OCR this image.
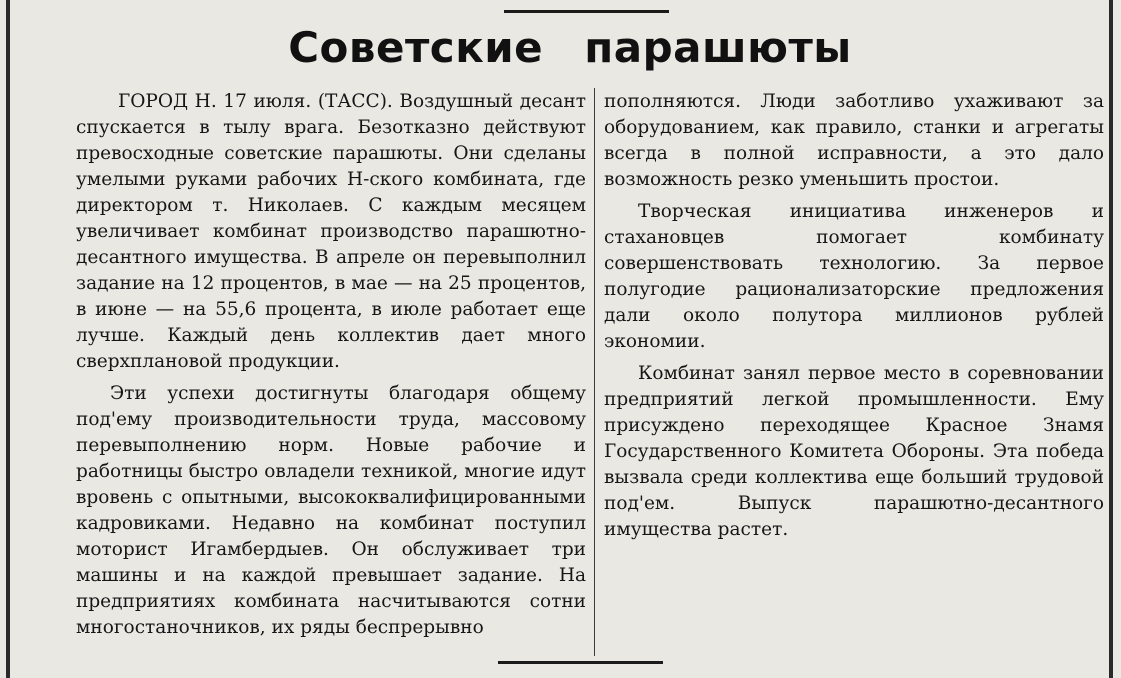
Советские парашюты

ГОРОД Н. 17 июля. (ТАСС). Воздушный десант спускается в тылу врага. Безотказно действуют превосходные советские парашюты. Они сделаны умелыми руками рабочих Н-ского комбината, где директором т. Николаев. С каждым месяцем увеличивает комбинат производство парашютно-десантного имущества. В апреле он перевыполнил задание на 12 процентов, в мае — на 25 процентов, в июне — на 55,6 процента, в июле работает еще лучше. Каждый день коллектив дает много сверхплановой продукции.

Эти успехи достигнуты благодаря общему под'ему производительности труда, массовому перевыполнению норм. Новые рабочие и работницы быстро овладели техникой, многие идут вровень с опытными, высококвалифицированными кадровиками. Недавно на комбинат поступил моторист Игамбердыев. Он обслуживает три машины и на каждой превышает задание. На предприятиях комбината насчитываются сотни многостаночников, их ряды беспрерывно

пополняются. Люди заботливо ухаживают за оборудованием, как правило, станки и агрегаты всегда в полной исправности, а это дало возможность резко уменьшить простои.

Творческая инициатива инженеров и стахановцев помогает комбинату совершенствовать технологию. За первое полугодие рационализаторские предложения дали около полутора миллионов рублей экономии.

Комбинат занял первое место в соревновании предприятий легкой промышленности. Ему присуждено переходящее Красное Знамя Государственного Комитета Обороны. Эта победа вызвала среди коллектива еще больший трудовой под'ем. Выпуск парашютно-десантного имущества растет.
